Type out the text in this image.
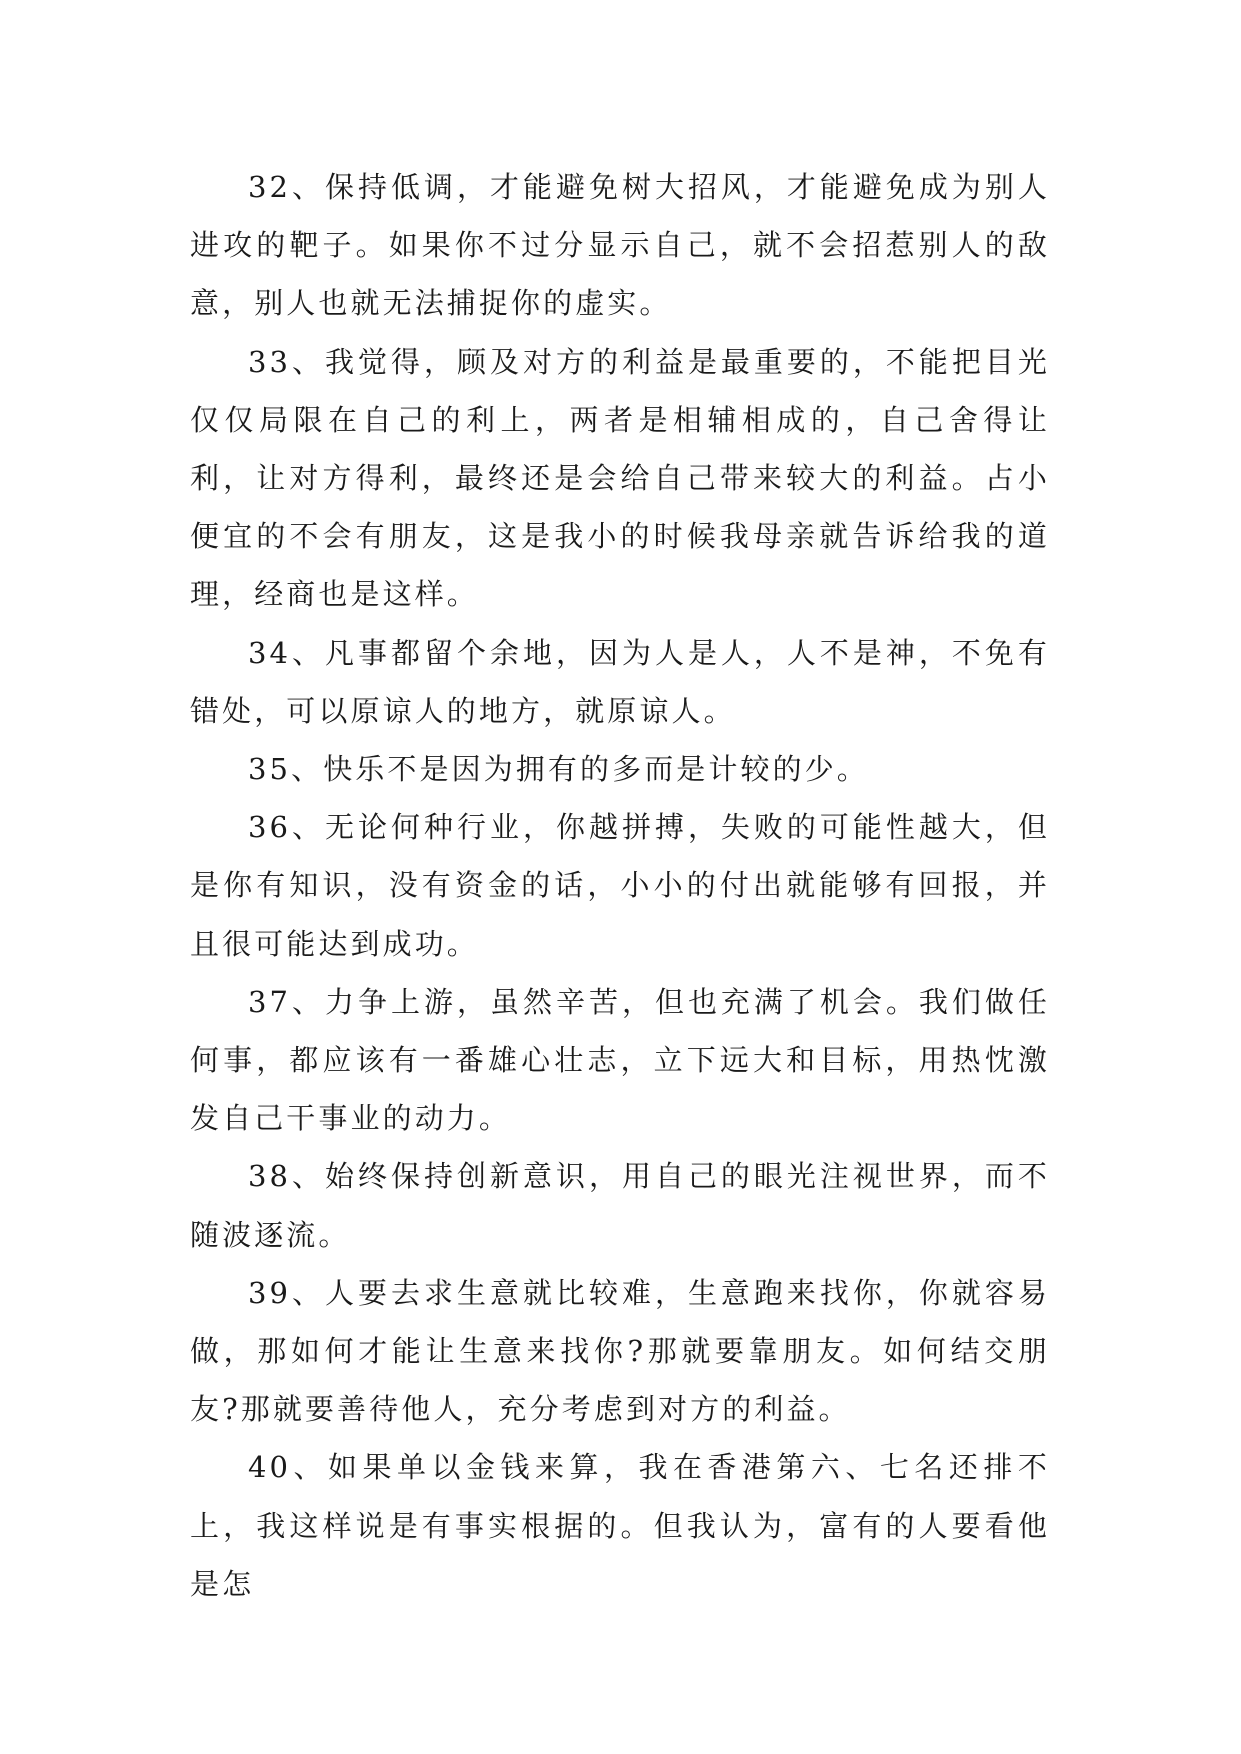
32、保持低调，才能避免树大招风，才能避免成为别人进攻的靶子。如果你不过分显示自己，就不会招惹别人的敌意，别人也就无法捕捉你的虚实。

33、我觉得，顾及对方的利益是最重要的，不能把目光仅仅局限在自己的利上，两者是相辅相成的，自己舍得让利，让对方得利，最终还是会给自己带来较大的利益。占小便宜的不会有朋友，这是我小的时候我母亲就告诉给我的道理，经商也是这样。

34、凡事都留个余地，因为人是人，人不是神，不免有错处，可以原谅人的地方，就原谅人。

35、快乐不是因为拥有的多而是计较的少。

36、无论何种行业，你越拼搏，失败的可能性越大，但是你有知识，没有资金的话，小小的付出就能够有回报，并且很可能达到成功。

37、力争上游，虽然辛苦，但也充满了机会。我们做任何事，都应该有一番雄心壮志，立下远大和目标，用热忱激发自己干事业的动力。

38、始终保持创新意识，用自己的眼光注视世界，而不随波逐流。

39、人要去求生意就比较难，生意跑来找你，你就容易做，那如何才能让生意来找你?那就要靠朋友。如何结交朋友?那就要善待他人，充分考虑到对方的利益。

40、如果单以金钱来算，我在香港第六、七名还排不上，我这样说是有事实根据的。但我认为，富有的人要看他是怎
